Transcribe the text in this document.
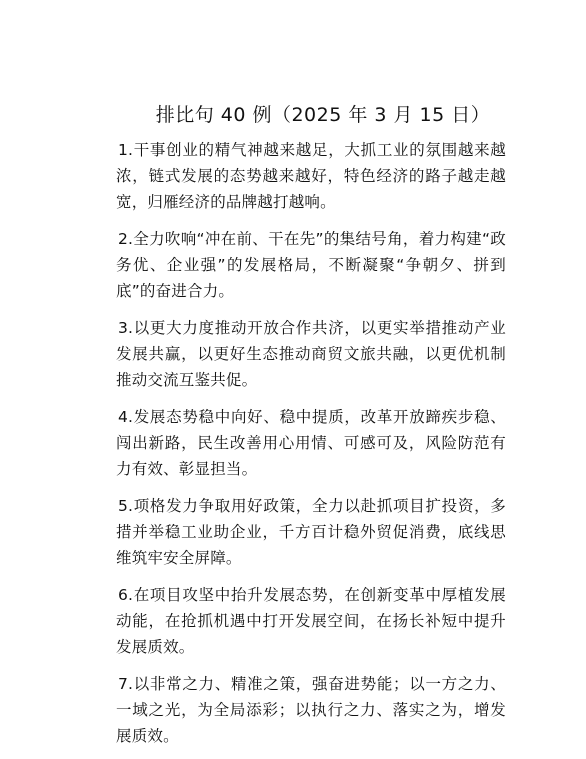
排比句 40 例（2025 年 3 月 15 日）

1.干事创业的精气神越来越足，大抓工业的氛围越来越浓，链式发展的态势越来越好，特色经济的路子越走越宽，归雁经济的品牌越打越响。

2.全力吹响“冲在前、干在先”的集结号角，着力构建“政务优、企业强”的发展格局，不断凝聚“争朝夕、拼到底”的奋进合力。

3.以更大力度推动开放合作共济，以更实举措推动产业发展共赢，以更好生态推动商贸文旅共融，以更优机制推动交流互鉴共促。

4.发展态势稳中向好、稳中提质，改革开放蹄疾步稳、闯出新路，民生改善用心用情、可感可及，风险防范有力有效、彰显担当。

5.项格发力争取用好政策，全力以赴抓项目扩投资，多措并举稳工业助企业，千方百计稳外贸促消费，底线思维筑牢安全屏障。

6.在项目攻坚中抬升发展态势，在创新变革中厚植发展动能，在抢抓机遇中打开发展空间，在扬长补短中提升发展质效。

7.以非常之力、精准之策，强奋进势能；以一方之力、一域之光，为全局添彩；以执行之力、落实之为，增发展质效。
